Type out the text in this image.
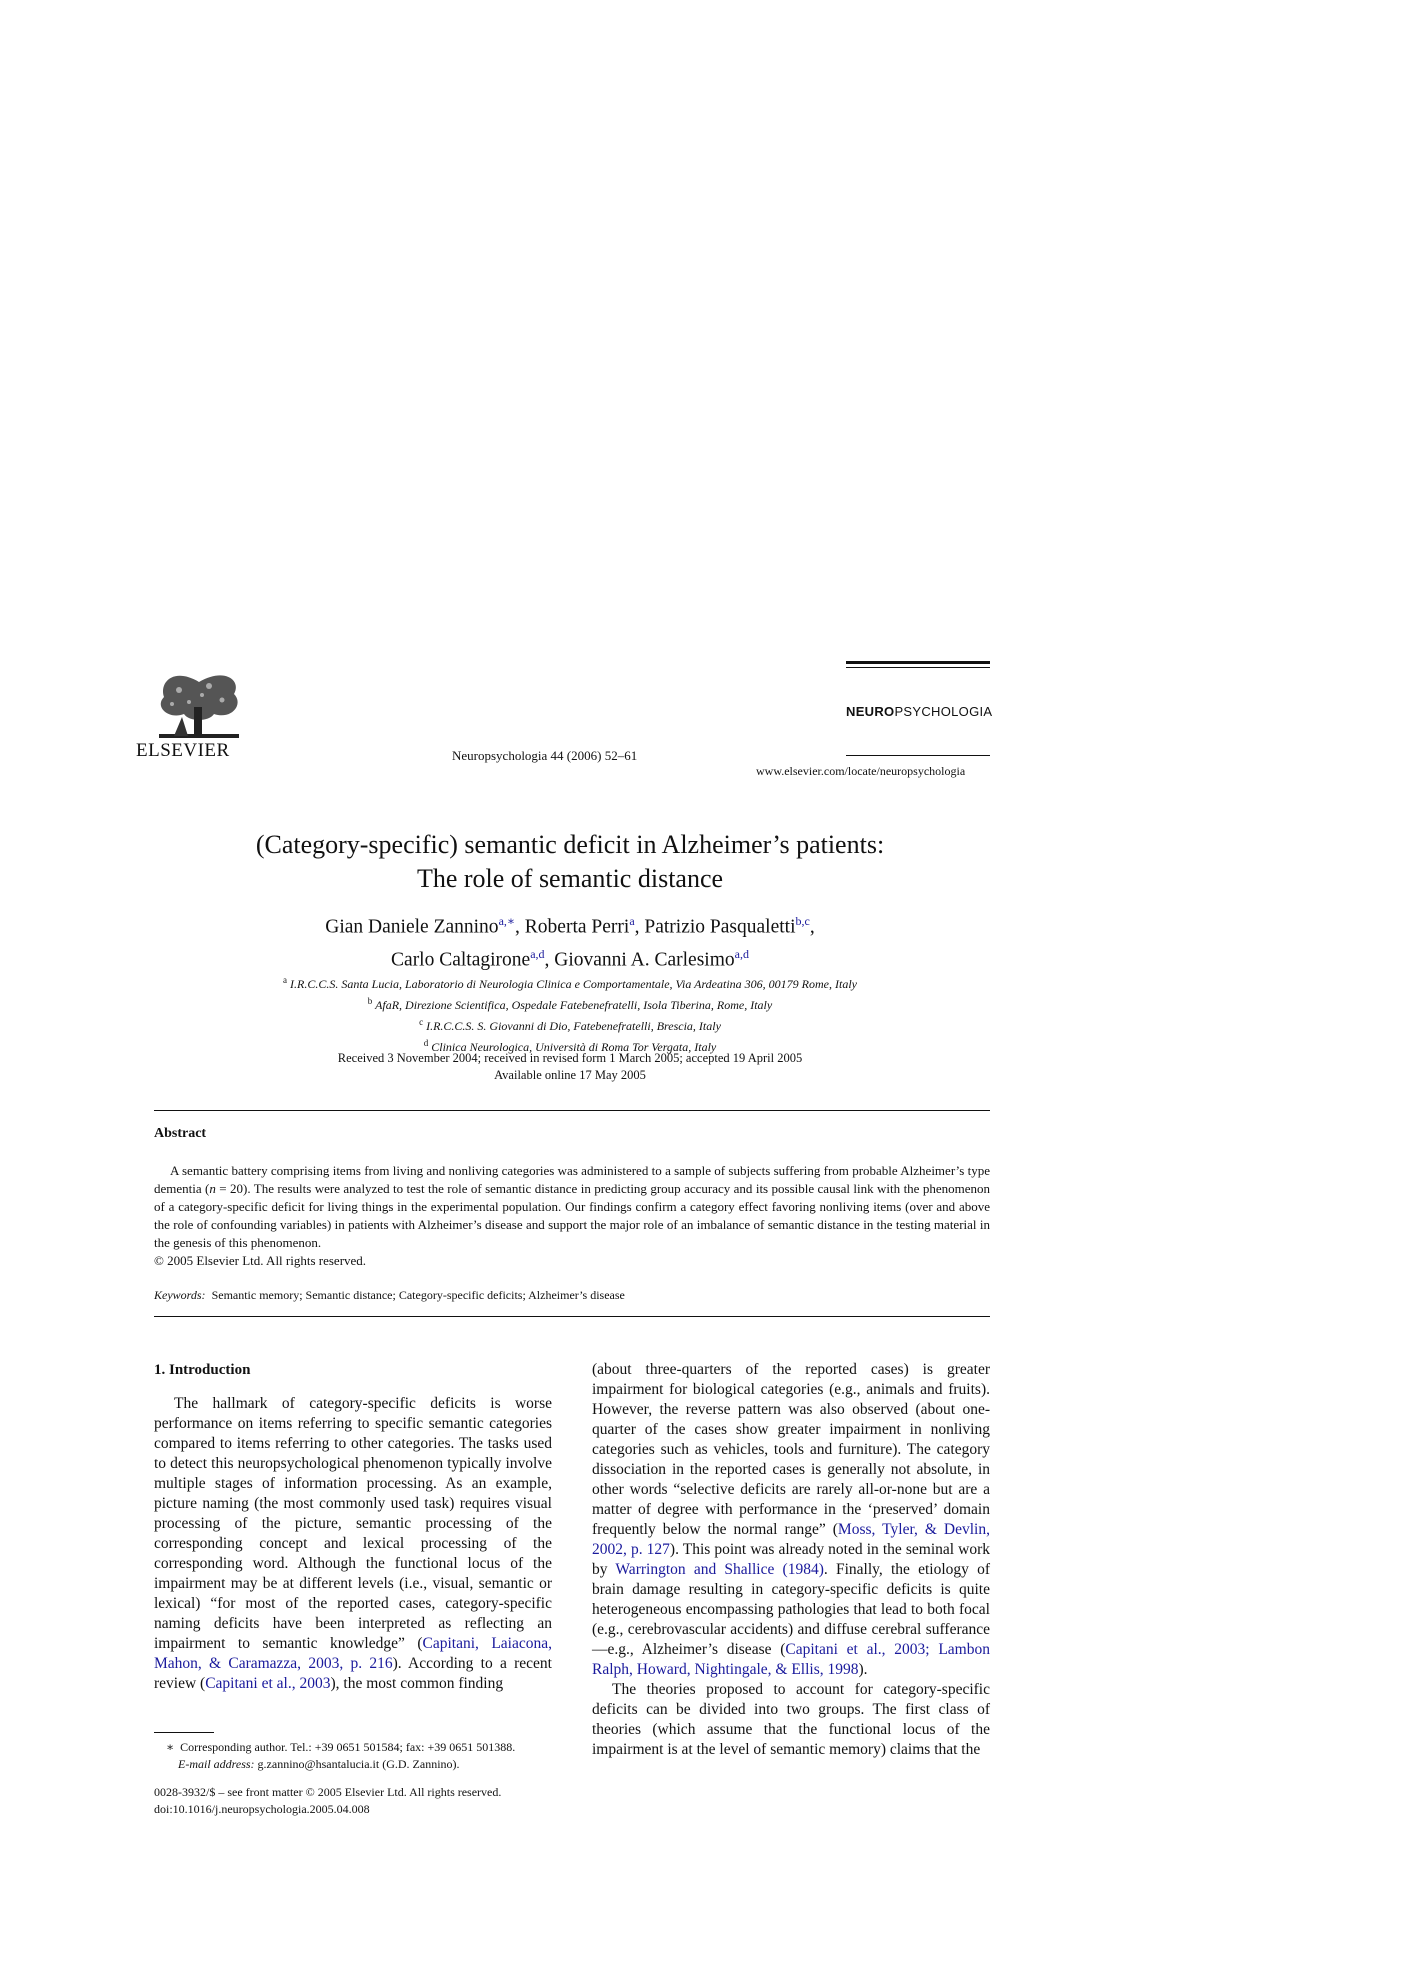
ELSEVIER	Neuropsychologia 44 (2006) 52–61
NEUROPSYCHOLOGIA
www.elsevier.com/locate/neuropsychologia
(Category-specific) semantic deficit in Alzheimer’s patients:
The role of semantic distance
Gian Daniele Zannino$^{a,∗}$, Roberta Perri$^a$, Patrizio Pasqualetti$^{b,c}$,
Carlo Caltagirone$^{a,d}$, Giovanni A. Carlesimo$^{a,d}$
$^a$ I.R.C.C.S. Santa Lucia, Laboratorio di Neurologia Clinica e Comportamentale, Via Ardeatina 306, 00179 Rome, Italy
$^b$ AfaR, Direzione Scientifica, Ospedale Fatebenefratelli, Isola Tiberina, Rome, Italy
$^c$ I.R.C.C.S. S. Giovanni di Dio, Fatebenefratelli, Brescia, Italy
$^d$ Clinica Neurologica, Università di Roma Tor Vergata, Italy
Received 3 November 2004; received in revised form 1 March 2005; accepted 19 April 2005
Available online 17 May 2005
Abstract

A semantic battery comprising items from living and nonliving categories was administered to a sample of subjects suffering from probable Alzheimer’s type dementia (n = 20). The results were analyzed to test the role of semantic distance in predicting group accuracy and its possible causal link with the phenomenon of a category-specific deficit for living things in the experimental population. Our findings confirm a category effect favoring nonliving items (over and above the role of confounding variables) in patients with Alzheimer’s disease and support the major role of an imbalance of semantic distance in the testing material in the genesis of this phenomenon.

© 2005 Elsevier Ltd. All rights reserved.
Keywords: Semantic memory; Semantic distance; Category-specific deficits; Alzheimer’s disease
1. Introduction

The hallmark of category-specific deficits is worse performance on items referring to specific semantic categories compared to items referring to other categories. The tasks used to detect this neuropsychological phenomenon typically involve multiple stages of information processing. As an example, picture naming (the most commonly used task) requires visual processing of the picture, semantic processing of the corresponding concept and lexical processing of the corresponding word. Although the functional locus of the impairment may be at different levels (i.e., visual, semantic or lexical) “for most of the reported cases, category-specific naming deficits have been interpreted as reflecting an impairment to semantic knowledge” (Capitani, Laiacona, Mahon, & Caramazza, 2003, p. 216). According to a recent review (Capitani et al., 2003), the most common finding

(about three-quarters of the reported cases) is greater impairment for biological categories (e.g., animals and fruits). However, the reverse pattern was also observed (about one-quarter of the cases show greater impairment in nonliving categories such as vehicles, tools and furniture). The category dissociation in the reported cases is generally not absolute, in other words “selective deficits are rarely all-or-none but are a matter of degree with performance in the ‘preserved’ domain frequently below the normal range” (Moss, Tyler, & Devlin, 2002, p. 127). This point was already noted in the seminal work by Warrington and Shallice (1984). Finally, the etiology of brain damage resulting in category-specific deficits is quite heterogeneous encompassing pathologies that lead to both focal (e.g., cerebrovascular accidents) and diffuse cerebral sufferance—e.g., Alzheimer’s disease (Capitani et al., 2003; Lambon Ralph, Howard, Nightingale, & Ellis, 1998).

The theories proposed to account for category-specific deficits can be divided into two groups. The first class of theories (which assume that the functional locus of the impairment is at the level of semantic memory) claims that the

∗ Corresponding author. Tel.: +39 0651 501584; fax: +39 0651 501388.

E-mail address: g.zannino@hsantalucia.it (G.D. Zannino).

0028-3932/$ – see front matter © 2005 Elsevier Ltd. All rights reserved.
doi:10.1016/j.neuropsychologia.2005.04.008
